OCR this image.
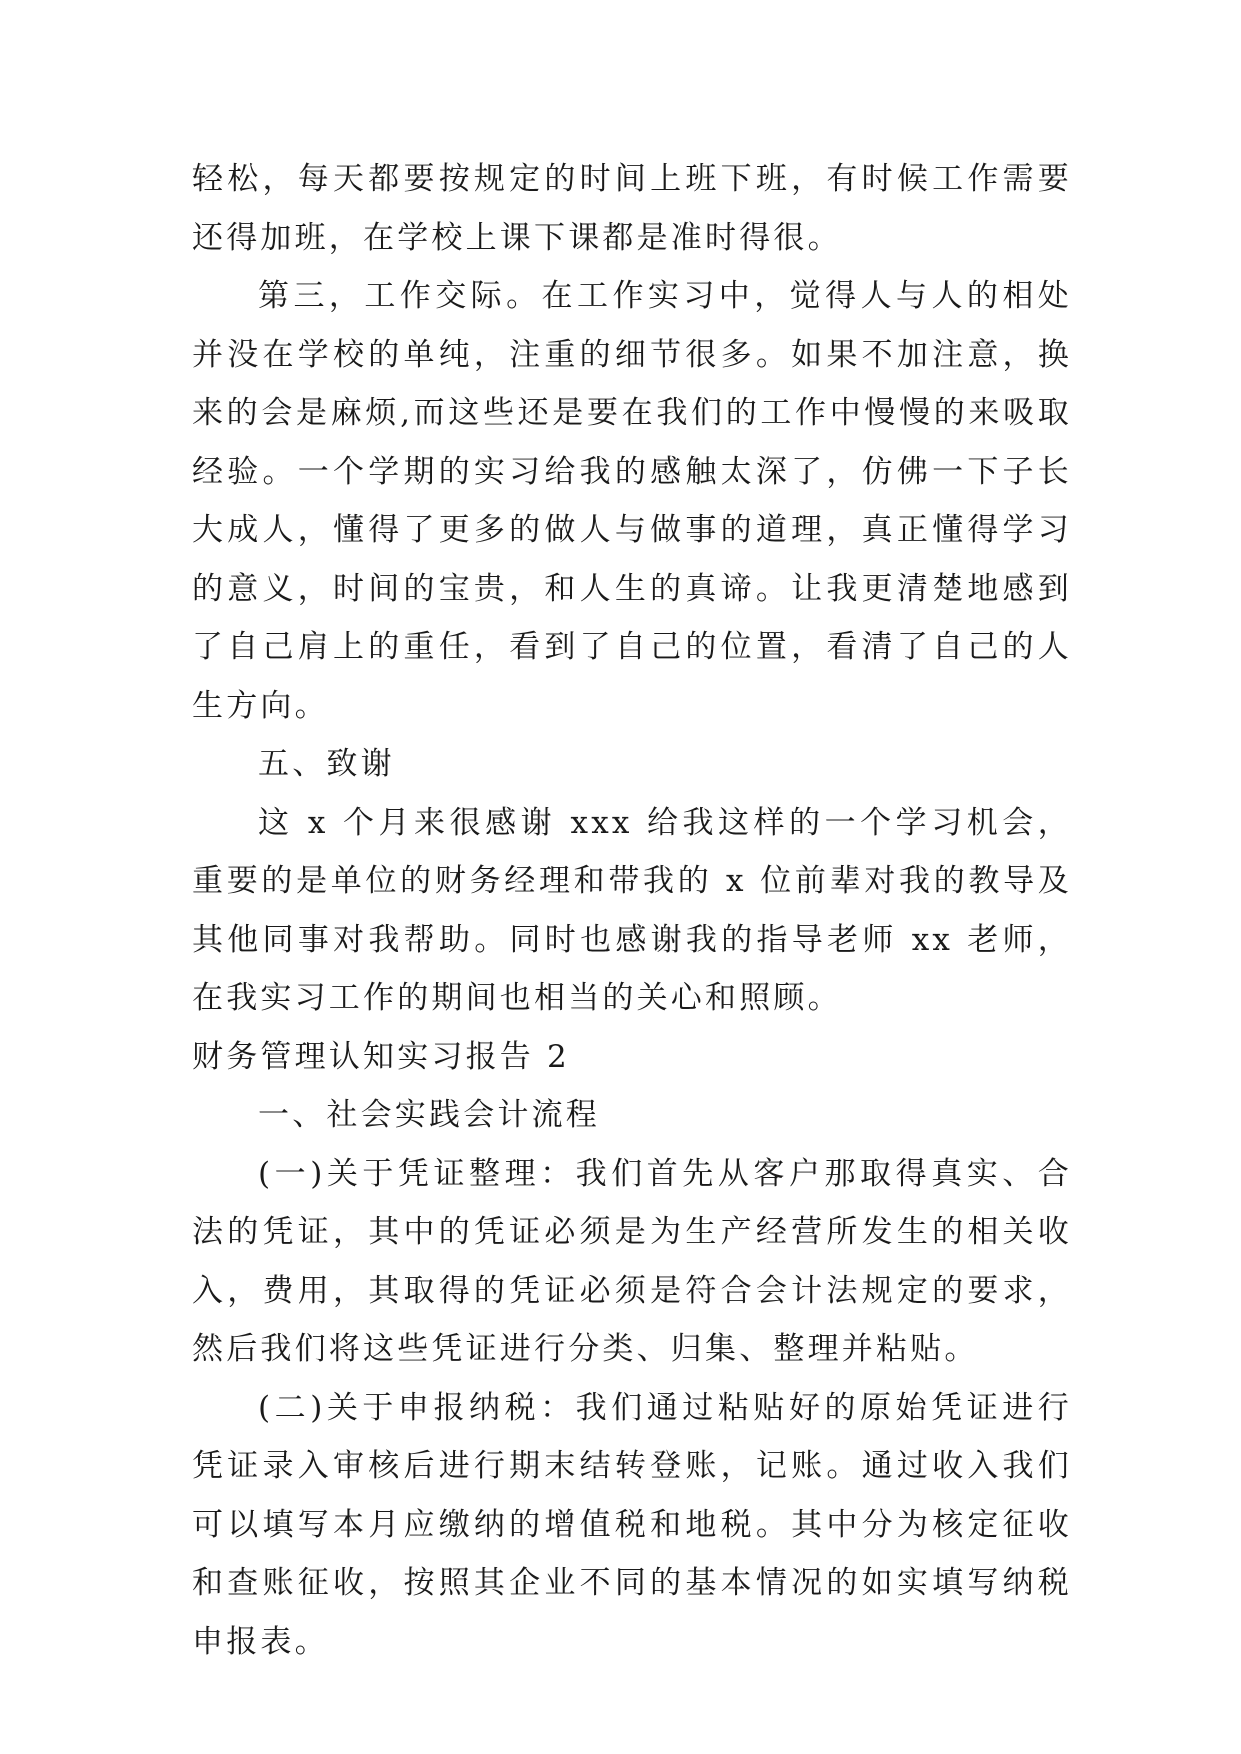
轻松，每天都要按规定的时间上班下班，有时候工作需要还得加班，在学校上课下课都是准时得很。

第三，工作交际。在工作实习中，觉得人与人的相处并没在学校的单纯，注重的细节很多。如果不加注意，换来的会是麻烦,而这些还是要在我们的工作中慢慢的来吸取经验。一个学期的实习给我的感触太深了，仿佛一下子长大成人，懂得了更多的做人与做事的道理，真正懂得学习的意义，时间的宝贵，和人生的真谛。让我更清楚地感到了自己肩上的重任，看到了自己的位置，看清了自己的人生方向。

五、致谢

这 x 个月来很感谢 xxx 给我这样的一个学习机会，重要的是单位的财务经理和带我的 x 位前辈对我的教导及其他同事对我帮助。同时也感谢我的指导老师 xx 老师，在我实习工作的期间也相当的关心和照顾。

财务管理认知实习报告 2
一、社会实践会计流程

(一)关于凭证整理：我们首先从客户那取得真实、合法的凭证，其中的凭证必须是为生产经营所发生的相关收入，费用，其取得的凭证必须是符合会计法规定的要求，然后我们将这些凭证进行分类、归集、整理并粘贴。

(二)关于申报纳税：我们通过粘贴好的原始凭证进行凭证录入审核后进行期末结转登账，记账。通过收入我们可以填写本月应缴纳的增值税和地税。其中分为核定征收和查账征收，按照其企业不同的基本情况的如实填写纳税申报表。
